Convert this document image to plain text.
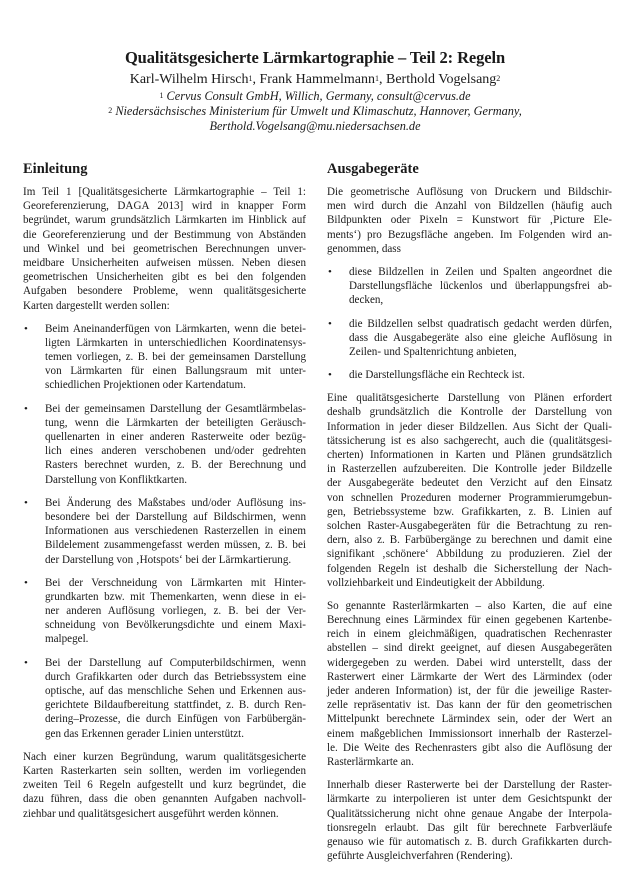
Qualitätsgesicherte Lärmkartographie – Teil 2: Regeln
Karl-Wilhelm Hirsch$^1$, Frank Hammelmann$^1$, Berthold Vogelsang$^2$
$^1$ Cervus Consult GmbH, Willich, Germany, consult@cervus.de
$^2$ Niedersächsisches Ministerium für Umwelt und Klimaschutz, Hannover, Germany,
Berthold.Vogelsang@mu.niedersachsen.de
Einleitung
Im Teil 1 [Qualitätsgesicherte Lärmkartographie – Teil 1:
Georeferenzierung, DAGA 2013] wird in knapper Form
begründet, warum grundsätzlich Lärmkarten im Hinblick auf
die Georeferenzierung und der Bestimmung von Abständen
und Winkel und bei geometrischen Berechnungen unver-
meidbare Unsicherheiten aufweisen müssen. Neben diesen
geometrischen Unsicherheiten gibt es bei den folgenden
Aufgaben besondere Probleme, wenn qualitätsgesicherte
Karten dargestellt werden sollen:
• Beim Aneinanderfügen von Lärmkarten, wenn die betei-
ligten Lärmkarten in unterschiedlichen Koordinatensys-
temen vorliegen, z. B. bei der gemeinsamen Darstellung
von Lärmkarten für einen Ballungsraum mit unter-
schiedlichen Projektionen oder Kartendatum.
• Bei der gemeinsamen Darstellung der Gesamtlärmbelas-
tung, wenn die Lärmkarten der beteiligten Geräusch-
quellenarten in einer anderen Rasterweite oder bezüg-
lich eines anderen verschobenen und/oder gedrehten
Rasters berechnet wurden, z. B. der Berechnung und
Darstellung von Konfliktkarten.
• Bei Änderung des Maßstabes und/oder Auflösung ins-
besondere bei der Darstellung auf Bildschirmen, wenn
Informationen aus verschiedenen Rasterzellen in einem
Bildelement zusammengefasst werden müssen, z. B. bei
der Darstellung von ‚Hotspots‘ bei der Lärmkartierung.
• Bei der Verschneidung von Lärmkarten mit Hinter-
grundkarten bzw. mit Themenkarten, wenn diese in ei-
ner anderen Auflösung vorliegen, z. B. bei der Ver-
schneidung von Bevölkerungsdichte und einem Maxi-
malpegel.
• Bei der Darstellung auf Computerbildschirmen, wenn
durch Grafikkarten oder durch das Betriebssystem eine
optische, auf das menschliche Sehen und Erkennen aus-
gerichtete Bildaufbereitung stattfindet, z. B. durch Ren-
dering–Prozesse, die durch Einfügen von Farbübergän-
gen das Erkennen gerader Linien unterstützt.
Nach einer kurzen Begründung, warum qualitätsgesicherte
Karten Rasterkarten sein sollten, werden im vorliegenden
zweiten Teil 6 Regeln aufgestellt und kurz begründet, die
dazu führen, dass die oben genannten Aufgaben nachvoll-
ziehbar und qualitätsgesichert ausgeführt werden können.
Ausgabegeräte
Die geometrische Auflösung von Druckern und Bildschir-
men wird durch die Anzahl von Bildzellen (häufig auch
Bildpunkten oder Pixeln = Kunstwort für ‚Picture Ele-
ments‘) pro Bezugsfläche angeben. Im Folgenden wird an-
genommen, dass
• diese Bildzellen in Zeilen und Spalten angeordnet die
Darstellungsfläche lückenlos und überlappungsfrei ab-
decken,
• die Bildzellen selbst quadratisch gedacht werden dürfen,
dass die Ausgabegeräte also eine gleiche Auflösung in
Zeilen- und Spaltenrichtung anbieten,
• die Darstellungsfläche ein Rechteck ist.
Eine qualitätsgesicherte Darstellung von Plänen erfordert
deshalb grundsätzlich die Kontrolle der Darstellung von
Information in jeder dieser Bildzellen. Aus Sicht der Quali-
tätssicherung ist es also sachgerecht, auch die (qualitätsgesi-
cherten) Informationen in Karten und Plänen grundsätzlich
in Rasterzellen aufzubereiten. Die Kontrolle jeder Bildzelle
der Ausgabegeräte bedeutet den Verzicht auf den Einsatz
von schnellen Prozeduren moderner Programmierumgebun-
gen, Betriebssysteme bzw. Grafikkarten, z. B. Linien auf
solchen Raster-Ausgabegeräten für die Betrachtung zu ren-
dern, also z. B. Farbübergänge zu berechnen und damit eine
signifikant ‚schönere‘ Abbildung zu produzieren. Ziel der
folgenden Regeln ist deshalb die Sicherstellung der Nach-
vollziehbarkeit und Eindeutigkeit der Abbildung.
So genannte Rasterlärmkarten – also Karten, die auf eine
Berechnung eines Lärmindex für einen gegebenen Kartenbe-
reich in einem gleichmäßigen, quadratischen Rechenraster
abstellen – sind direkt geeignet, auf diesen Ausgabegeräten
widergegeben zu werden. Dabei wird unterstellt, dass der
Rasterwert einer Lärmkarte der Wert des Lärmindex (oder
jeder anderen Information) ist, der für die jeweilige Raster-
zelle repräsentativ ist. Das kann der für den geometrischen
Mittelpunkt berechnete Lärmindex sein, oder der Wert an
einem maßgeblichen Immissionsort innerhalb der Rasterzel-
le. Die Weite des Rechenrasters gibt also die Auflösung der
Rasterlärmkarte an.
Innerhalb dieser Rasterwerte bei der Darstellung der Raster-
lärmkarte zu interpolieren ist unter dem Gesichtspunkt der
Qualitätssicherung nicht ohne genaue Angabe der Interpola-
tionsregeln erlaubt. Das gilt für berechnete Farbverläufe
genauso wie für automatisch z. B. durch Grafikkarten durch-
geführte Ausgleichverfahren (Rendering).
